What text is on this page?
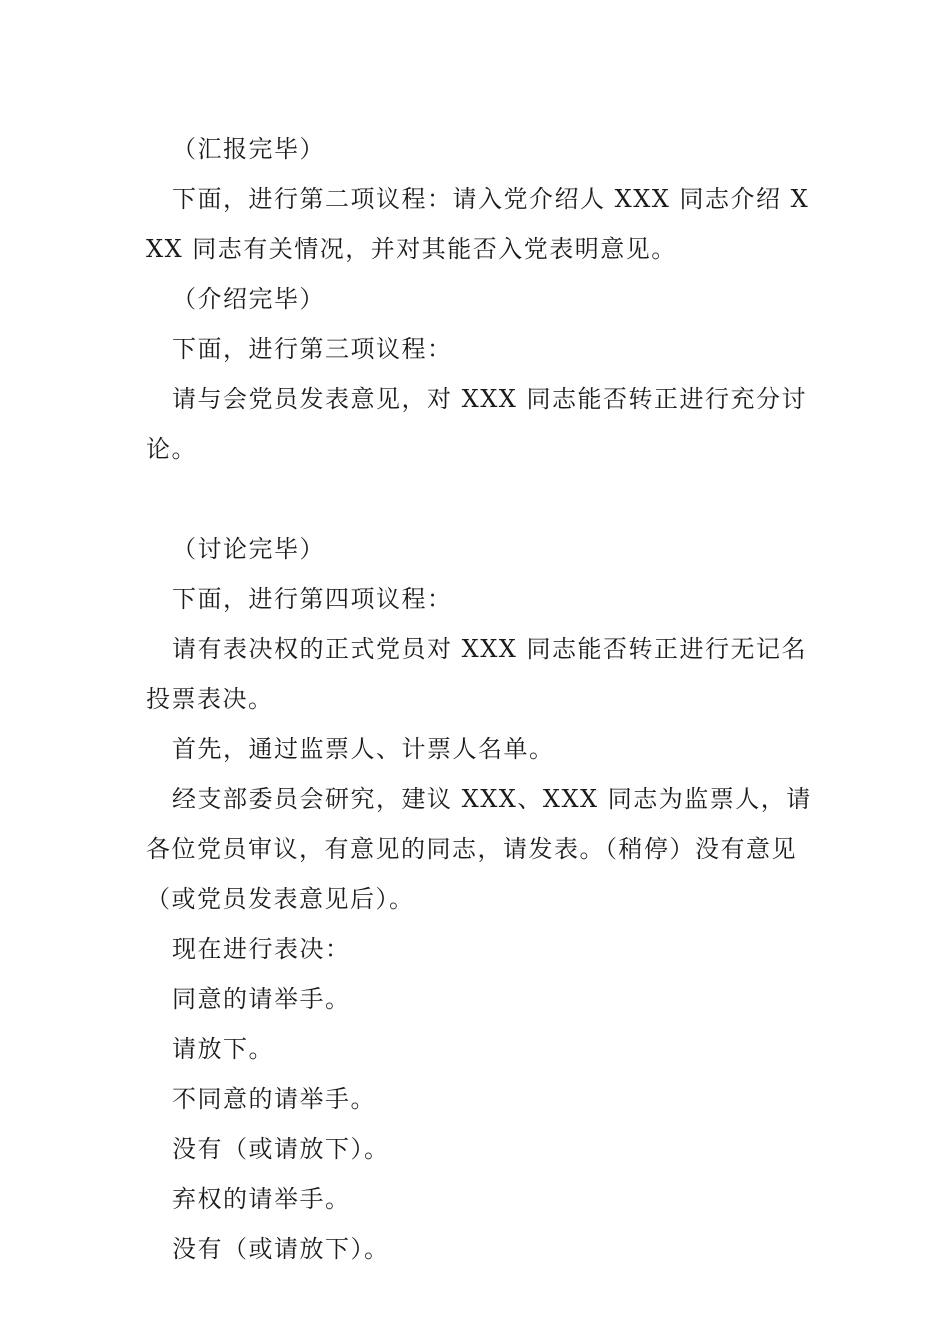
（汇报完毕）

下面，进行第二项议程：请入党介绍人 XXX 同志介绍 XXX 同志有关情况，并对其能否入党表明意见。

（介绍完毕）

下面，进行第三项议程：

请与会党员发表意见，对 XXX 同志能否转正进行充分讨论。

（讨论完毕）

下面，进行第四项议程：

请有表决权的正式党员对 XXX 同志能否转正进行无记名投票表决。

首先，通过监票人、计票人名单。

经支部委员会研究，建议 XXX、XXX 同志为监票人，请各位党员审议，有意见的同志，请发表。（稍停）没有意见（或党员发表意见后）。

现在进行表决：

同意的请举手。

请放下。

不同意的请举手。

没有（或请放下）。

弃权的请举手。

没有（或请放下）。
